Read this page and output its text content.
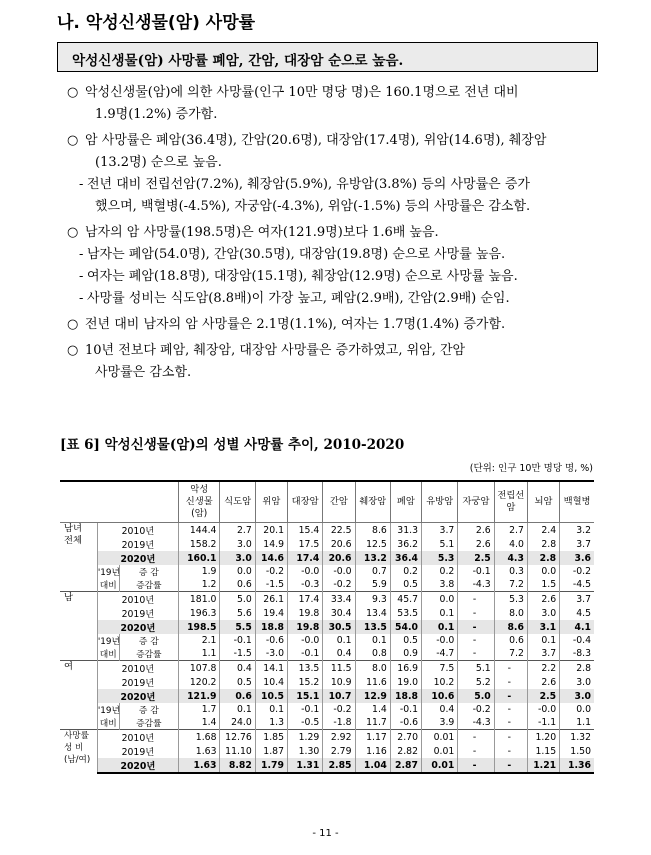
나. 악성신생물(암) 사망률
악성신생물(암) 사망률 폐암, 간암, 대장암 순으로 높음.
○ 악성신생물(암)에 의한 사망률(인구 10만 명당 명)은 160.1명으로 전년 대비
1.9명(1.2%) 증가함.
○ 암 사망률은 폐암(36.4명), 간암(20.6명), 대장암(17.4명), 위암(14.6명), 췌장암
(13.2명) 순으로 높음.
- 전년 대비 전립선암(7.2%), 췌장암(5.9%), 유방암(3.8%) 등의 사망률은 증가
했으며, 백혈병(-4.5%), 자궁암(-4.3%), 위암(-1.5%) 등의 사망률은 감소함.
○ 남자의 암 사망률(198.5명)은 여자(121.9명)보다 1.6배 높음.
- 남자는 폐암(54.0명), 간암(30.5명), 대장암(19.8명) 순으로 사망률 높음.
- 여자는 폐암(18.8명), 대장암(15.1명), 췌장암(12.9명) 순으로 사망률 높음.
- 사망률 성비는 식도암(8.8배)이 가장 높고, 폐암(2.9배), 간암(2.9배) 순임.
○ 전년 대비 남자의 암 사망률은 2.1명(1.1%), 여자는 1.7명(1.4%) 증가함.
○ 10년 전보다 폐암, 췌장암, 대장암 사망률은 증가하였고, 위암, 간암
사망률은 감소함.
[표 6] 악성신생물(암)의 성별 사망률 추이, 2010-2020
(단위: 인구 10만 명당 명, %)
			악성
신생물
(암)	식도암	위암	대장암	간암	췌장암	폐암	유방암	자궁암	전립선
암	뇌암	백혈병
남녀
전체	2010년		144.4	2.7	20.1	15.4	22.5	8.6	31.3	3.7	2.6	2.7	2.4	3.2
	2019년		158.2	3.0	14.9	17.5	20.6	12.5	36.2	5.1	2.6	4.0	2.8	3.7
	2020년		160.1	3.0	14.6	17.4	20.6	13.2	36.4	5.3	2.5	4.3	2.8	3.6
	'19년	증 감	1.9	0.0	-0.2	-0.0	-0.0	0.7	0.2	0.2	-0.1	0.3	0.0	-0.2
	대비	증감률	1.2	0.6	-1.5	-0.3	-0.2	5.9	0.5	3.8	-4.3	7.2	1.5	-4.5
남	2010년		181.0	5.0	26.1	17.4	33.4	9.3	45.7	0.0	-	5.3	2.6	3.7
	2019년		196.3	5.6	19.4	19.8	30.4	13.4	53.5	0.1	-	8.0	3.0	4.5
	2020년		198.5	5.5	18.8	19.8	30.5	13.5	54.0	0.1	-	8.6	3.1	4.1
	'19년	증 감	2.1	-0.1	-0.6	-0.0	0.1	0.1	0.5	-0.0	-	0.6	0.1	-0.4
	대비	증감률	1.1	-1.5	-3.0	-0.1	0.4	0.8	0.9	-4.7	-	7.2	3.7	-8.3
여	2010년		107.8	0.4	14.1	13.5	11.5	8.0	16.9	7.5	5.1	-	2.2	2.8
	2019년		120.2	0.5	10.4	15.2	10.9	11.6	19.0	10.2	5.2	-	2.6	3.0
	2020년		121.9	0.6	10.5	15.1	10.7	12.9	18.8	10.6	5.0	-	2.5	3.0
	'19년	증 감	1.7	0.1	0.1	-0.1	-0.2	1.4	-0.1	0.4	-0.2	-	-0.0	0.0
	대비	증감률	1.4	24.0	1.3	-0.5	-1.8	11.7	-0.6	3.9	-4.3	-	-1.1	1.1
사망률
성 비
(남/여)	2010년		1.68	12.76	1.85	1.29	2.92	1.17	2.70	0.01	-	-	1.20	1.32
	2019년		1.63	11.10	1.87	1.30	2.79	1.16	2.82	0.01	-	-	1.15	1.50
	2020년		1.63	8.82	1.79	1.31	2.85	1.04	2.87	0.01	-	-	1.21	1.36
- 11 -
